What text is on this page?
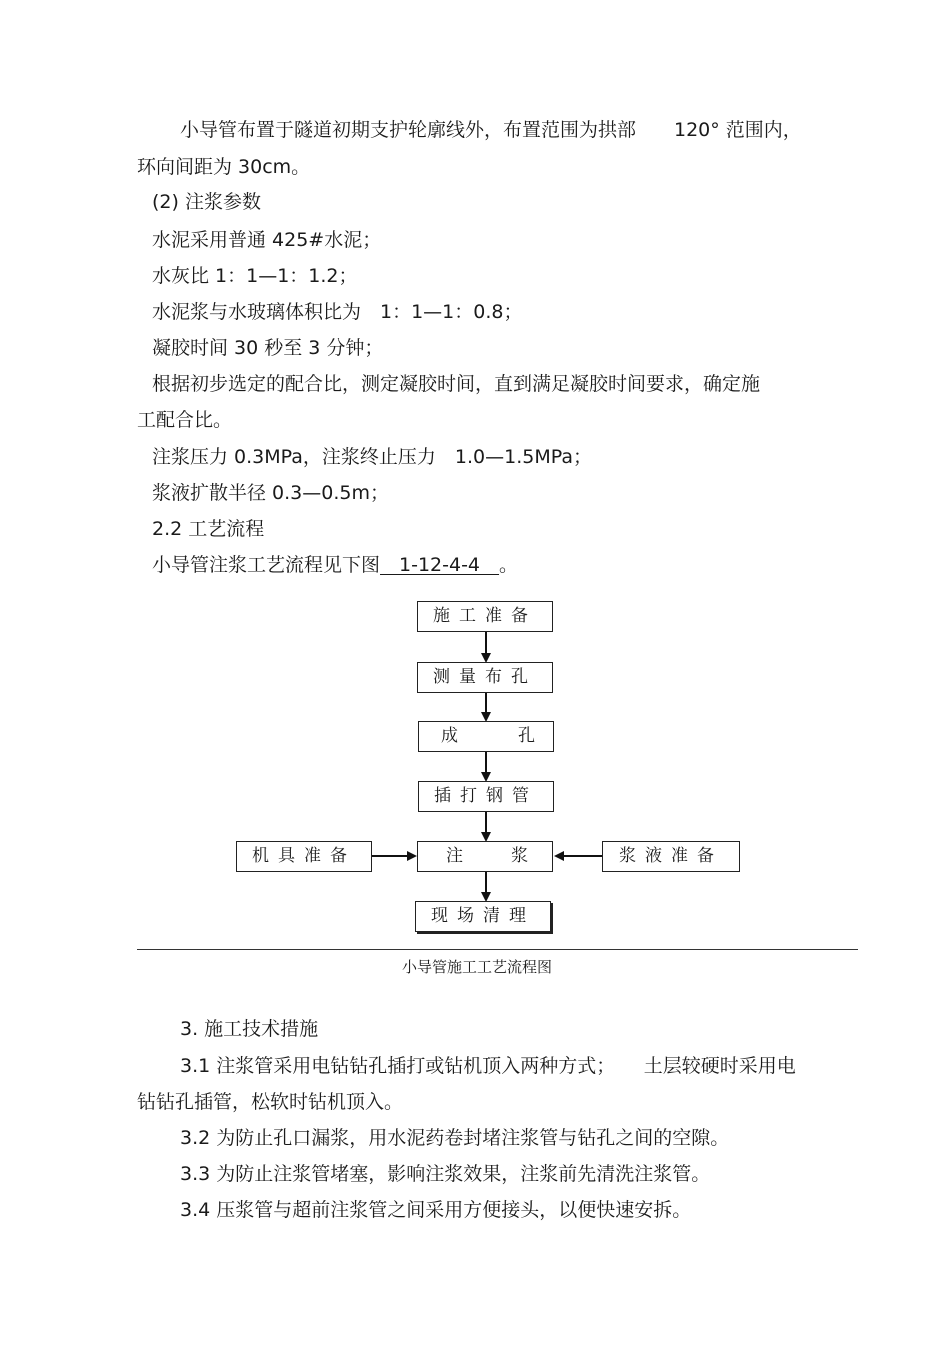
小导管布置于隧道初期支护轮廓线外，布置范围为拱部　　120° 范围内，
环向间距为 30cm。
(2) 注浆参数
水泥采用普通 425#水泥；
水灰比 1：1—1：1.2；
水泥浆与水玻璃体积比为　1：1—1：0.8；
凝胶时间 30 秒至 3 分钟；
根据初步选定的配合比，测定凝胶时间，直到满足凝胶时间要求，确定施
工配合比。
注浆压力 0.3MPa，注浆终止压力　1.0—1.5MPa；
浆液扩散半径 0.3—0.5m；
2.2 工艺流程
小导管注浆工艺流程见下图　1-12-4-4　。
施工准备
测量布孔
成	孔
插打钢管
注	浆
机具准备	浆液准备
现场清理
小导管施工工艺流程图
3. 施工技术措施
3.1 注浆管采用电钻钻孔插打或钻机顶入两种方式；　　土层较硬时采用电
钻钻孔插管，松软时钻机顶入。
3.2 为防止孔口漏浆，用水泥药卷封堵注浆管与钻孔之间的空隙。
3.3 为防止注浆管堵塞，影响注浆效果，注浆前先清洗注浆管。
3.4 压浆管与超前注浆管之间采用方便接头，以便快速安拆。
